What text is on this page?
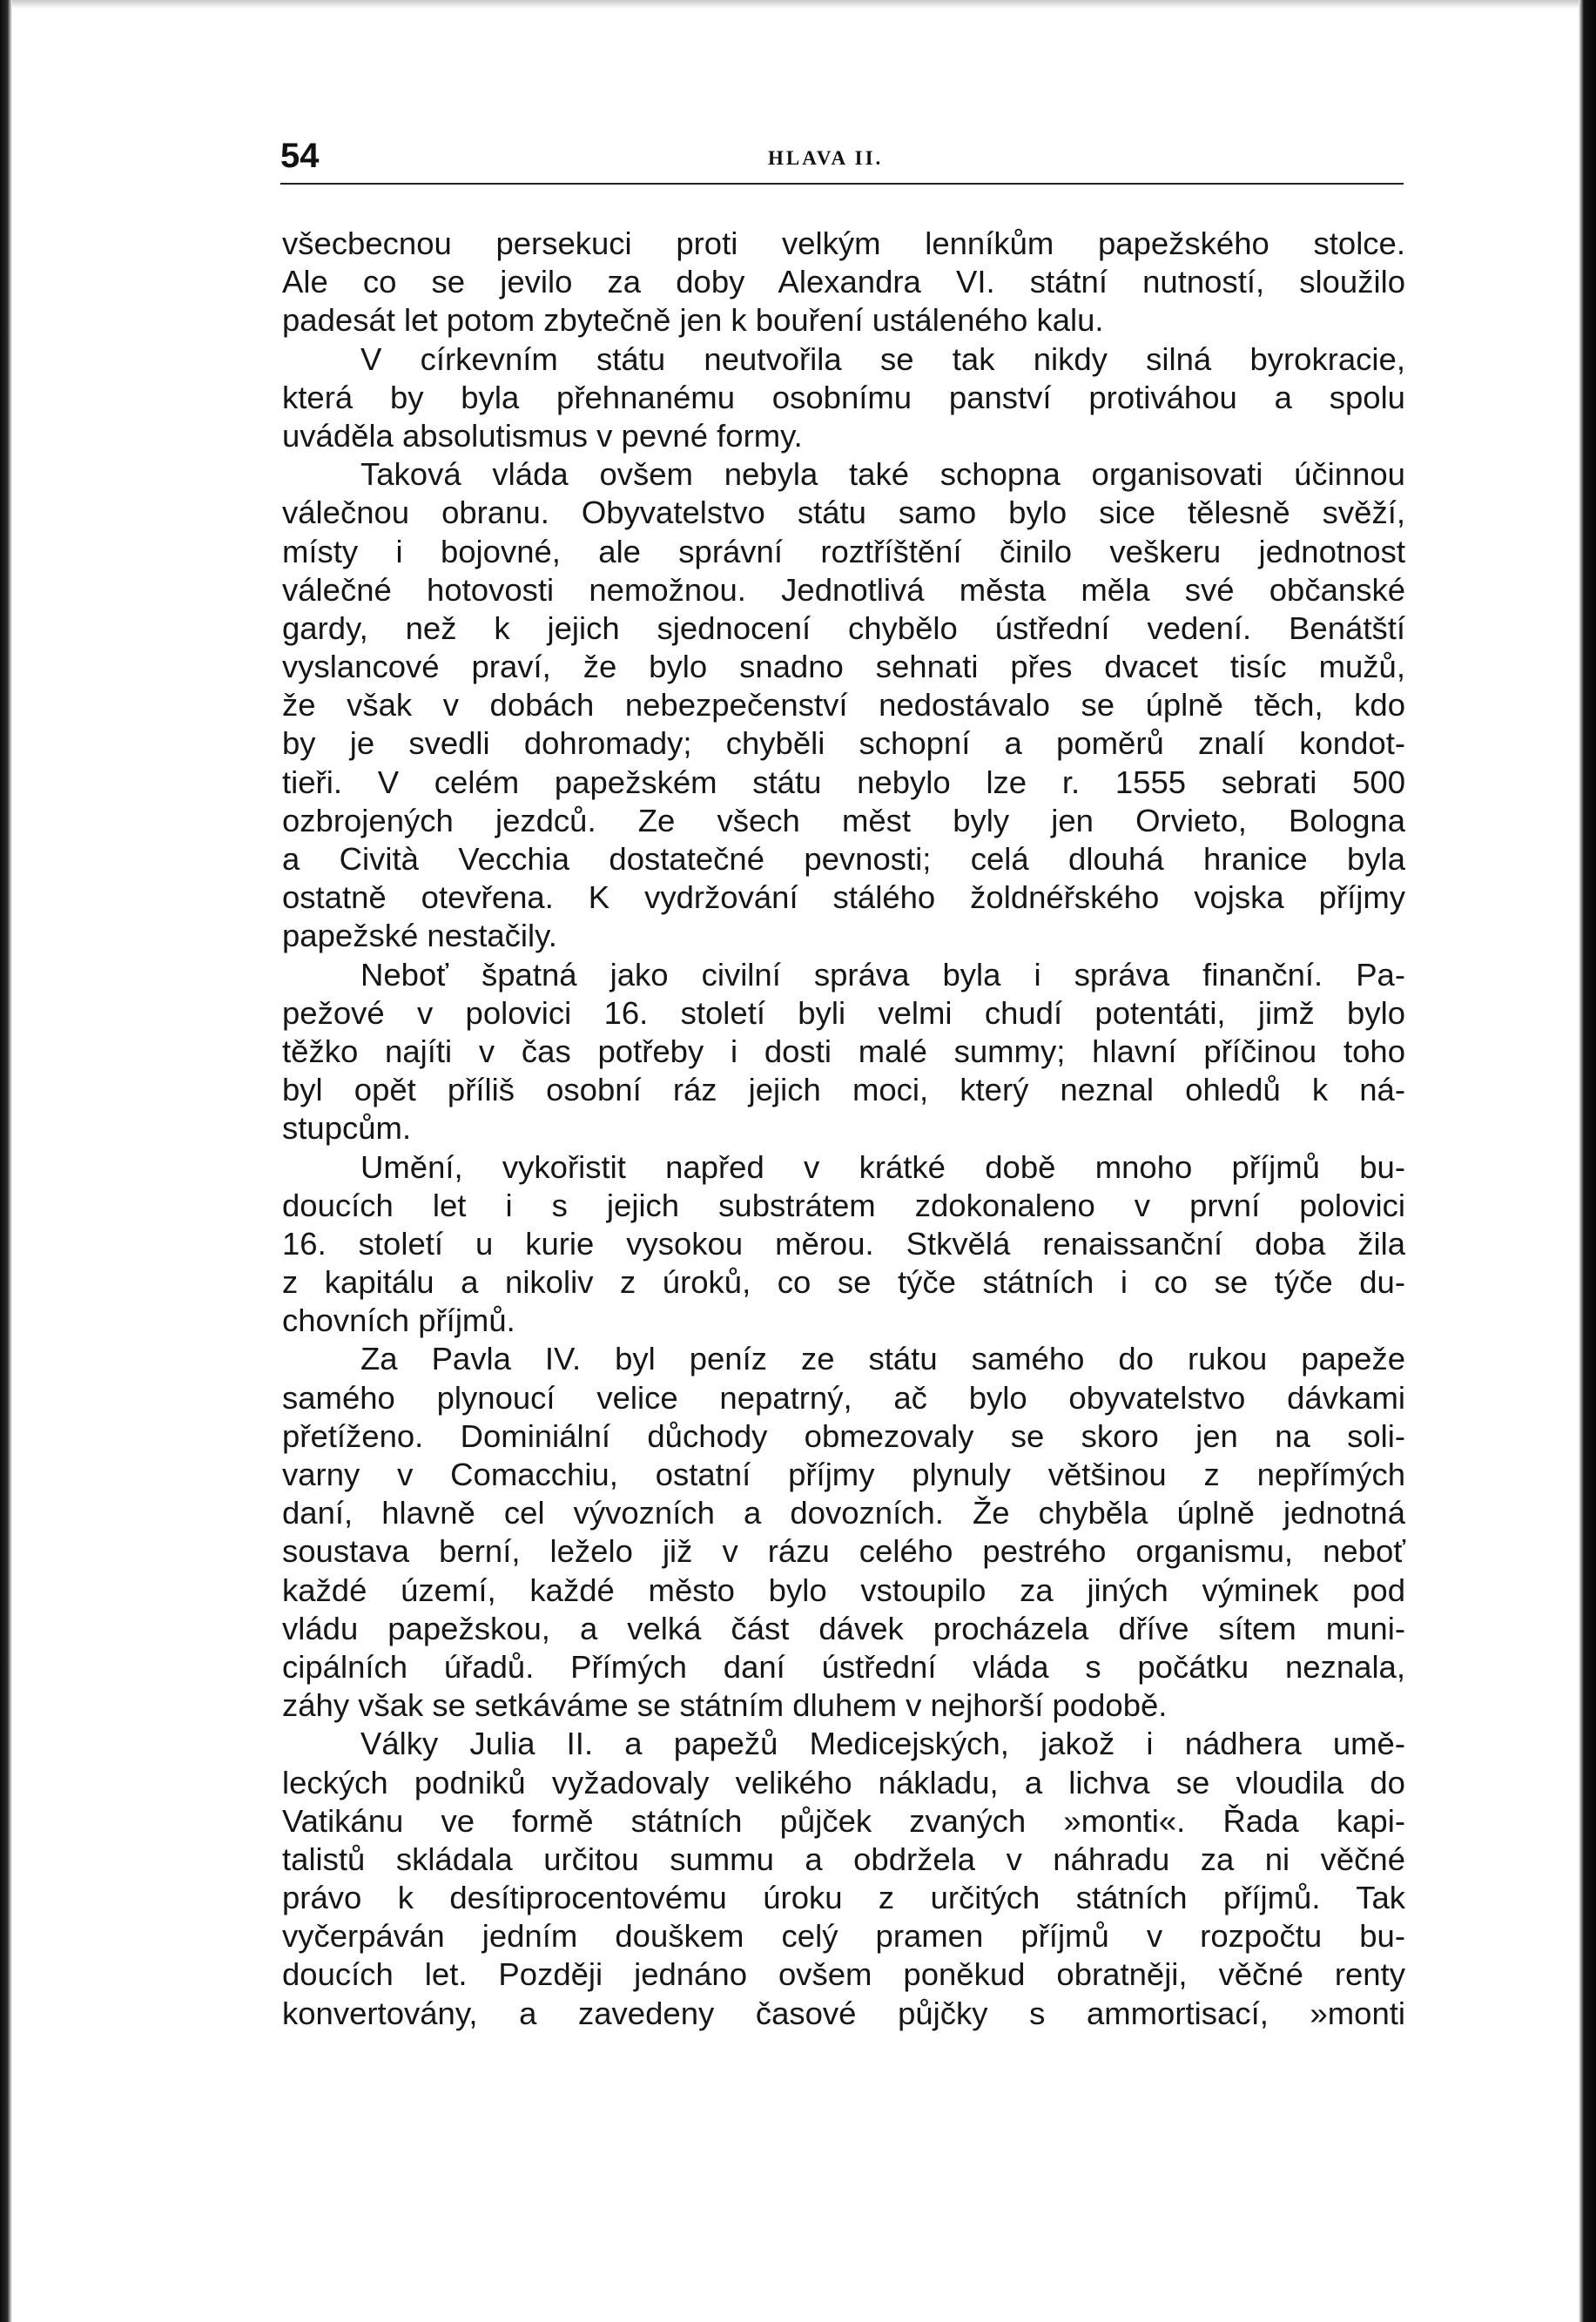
54	HLAVA II.
všecbecnou persekuci proti velkým lenníkům papežského stolce.
Ale co se jevilo za doby Alexandra VI. státní nutností, sloužilo
padesát let potom zbytečně jen k bouření ustáleného kalu.
V církevním státu neutvořila se tak nikdy silná byrokracie,
která by byla přehnanému osobnímu panství protiváhou a spolu
uváděla absolutismus v pevné formy.
Taková vláda ovšem nebyla také schopna organisovati účinnou
válečnou obranu. Obyvatelstvo státu samo bylo sice tělesně svěží,
místy i bojovné, ale správní roztříštění činilo veškeru jednotnost
válečné hotovosti nemožnou. Jednotlivá města měla své občanské
gardy, než k jejich sjednocení chybělo ústřední vedení. Benátští
vyslancové praví, že bylo snadno sehnati přes dvacet tisíc mužů,
že však v dobách nebezpečenství nedostávalo se úplně těch, kdo
by je svedli dohromady; chyběli schopní a poměrů znalí kondot-
tieři. V celém papežském státu nebylo lze r. 1555 sebrati 500
ozbrojených jezdců. Ze všech měst byly jen Orvieto, Bologna
a Cività Vecchia dostatečné pevnosti; celá dlouhá hranice byla
ostatně otevřena. K vydržování stálého žoldnéřského vojska příjmy
papežské nestačily.
Neboť špatná jako civilní správa byla i správa finanční. Pa-
pežové v polovici 16. století byli velmi chudí potentáti, jimž bylo
těžko najíti v čas potřeby i dosti malé summy; hlavní příčinou toho
byl opět příliš osobní ráz jejich moci, který neznal ohledů k ná-
stupcům.
Umění, vykořistit napřed v krátké době mnoho příjmů bu-
doucích let i s jejich substrátem zdokonaleno v první polovici
16. století u kurie vysokou měrou. Stkvělá renaissanční doba žila
z kapitálu a nikoliv z úroků, co se týče státních i co se týče du-
chovních příjmů.
Za Pavla IV. byl peníz ze státu samého do rukou papeže
samého plynoucí velice nepatrný, ač bylo obyvatelstvo dávkami
přetíženo. Dominiální důchody obmezovaly se skoro jen na soli-
varny v Comacchiu, ostatní příjmy plynuly většinou z nepřímých
daní, hlavně cel vývozních a dovozních. Že chyběla úplně jednotná
soustava berní, leželo již v rázu celého pestrého organismu, neboť
každé území, každé město bylo vstoupilo za jiných výminek pod
vládu papežskou, a velká část dávek procházela dříve sítem muni-
cipálních úřadů. Přímých daní ústřední vláda s počátku neznala,
záhy však se setkáváme se státním dluhem v nejhorší podobě.
Války Julia II. a papežů Medicejských, jakož i nádhera umě-
leckých podniků vyžadovaly velikého nákladu, a lichva se vloudila do
Vatikánu ve formě státních půjček zvaných »monti«. Řada kapi-
talistů skládala určitou summu a obdržela v náhradu za ni věčné
právo k desítiprocentovému úroku z určitých státních příjmů. Tak
vyčerpáván jedním douškem celý pramen příjmů v rozpočtu bu-
doucích let. Později jednáno ovšem poněkud obratněji, věčné renty
konvertovány, a zavedeny časové půjčky s ammortisací, »monti
